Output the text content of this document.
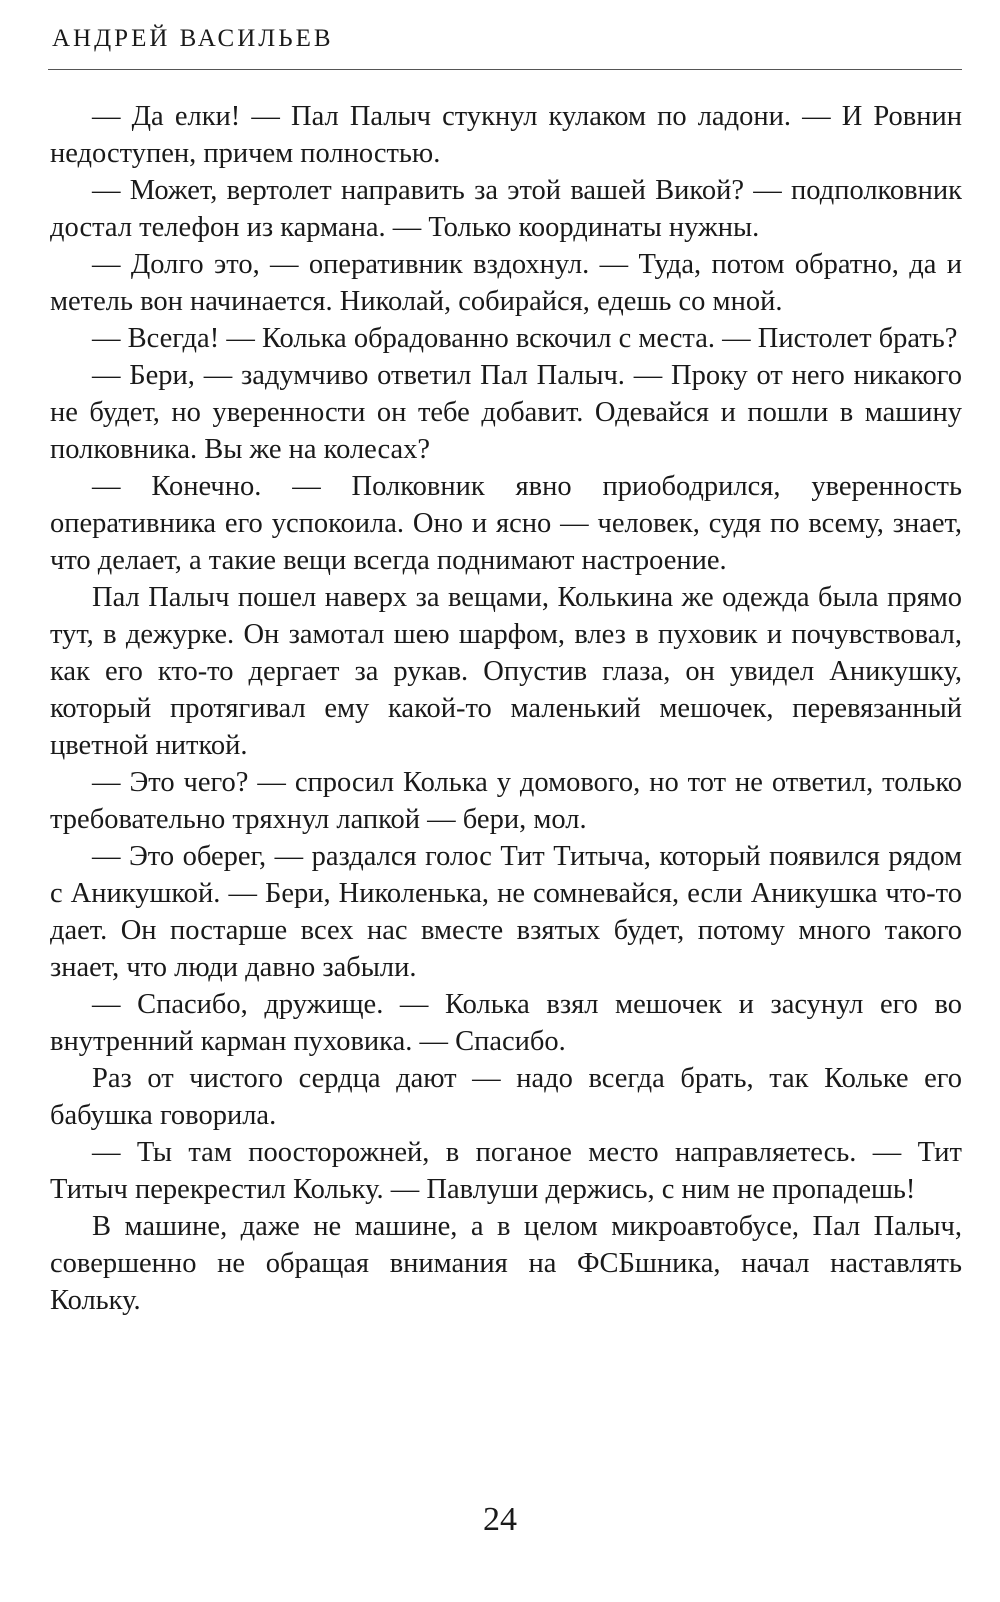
АНДРЕЙ ВАСИЛЬЕВ

— Да елки! — Пал Палыч стукнул кулаком по ладони. — И Ровнин недоступен, причем полностью.

— Может, вертолет направить за этой вашей Викой? — подполковник достал телефон из кармана. — Только координаты нужны.

— Долго это, — оперативник вздохнул. — Туда, потом обратно, да и метель вон начинается. Николай, собирайся, едешь со мной.

— Всегда! — Колька обрадованно вскочил с места. — Пистолет брать?

— Бери, — задумчиво ответил Пал Палыч. — Проку от него никакого не будет, но уверенности он тебе добавит. Одевайся и пошли в машину полковника. Вы же на колесах?

— Конечно. — Полковник явно приободрился, уверенность оперативника его успокоила. Оно и ясно — человек, судя по всему, знает, что делает, а такие вещи всегда поднимают настроение.

Пал Палыч пошел наверх за вещами, Колькина же одежда была прямо тут, в дежурке. Он замотал шею шарфом, влез в пуховик и почувствовал, как его кто-то дергает за рукав. Опустив глаза, он увидел Аникушку, который протягивал ему какой-то маленький мешочек, перевязанный цветной ниткой.

— Это чего? — спросил Колька у домового, но тот не ответил, только требовательно тряхнул лапкой — бери, мол.

— Это оберег, — раздался голос Тит Титыча, который появился рядом с Аникушкой. — Бери, Николенька, не сомневайся, если Аникушка что-то дает. Он постарше всех нас вместе взятых будет, потому много такого знает, что люди давно забыли.

— Спасибо, дружище. — Колька взял мешочек и засунул его во внутренний карман пуховика. — Спасибо.

Раз от чистого сердца дают — надо всегда брать, так Кольке его бабушка говорила.

— Ты там поосторожней, в поганое место направляетесь. — Тит Титыч перекрестил Кольку. — Павлуши держись, с ним не пропадешь!

В машине, даже не машине, а в целом микроавтобусе, Пал Палыч, совершенно не обращая внимания на ФСБшника, начал наставлять Кольку.

24
